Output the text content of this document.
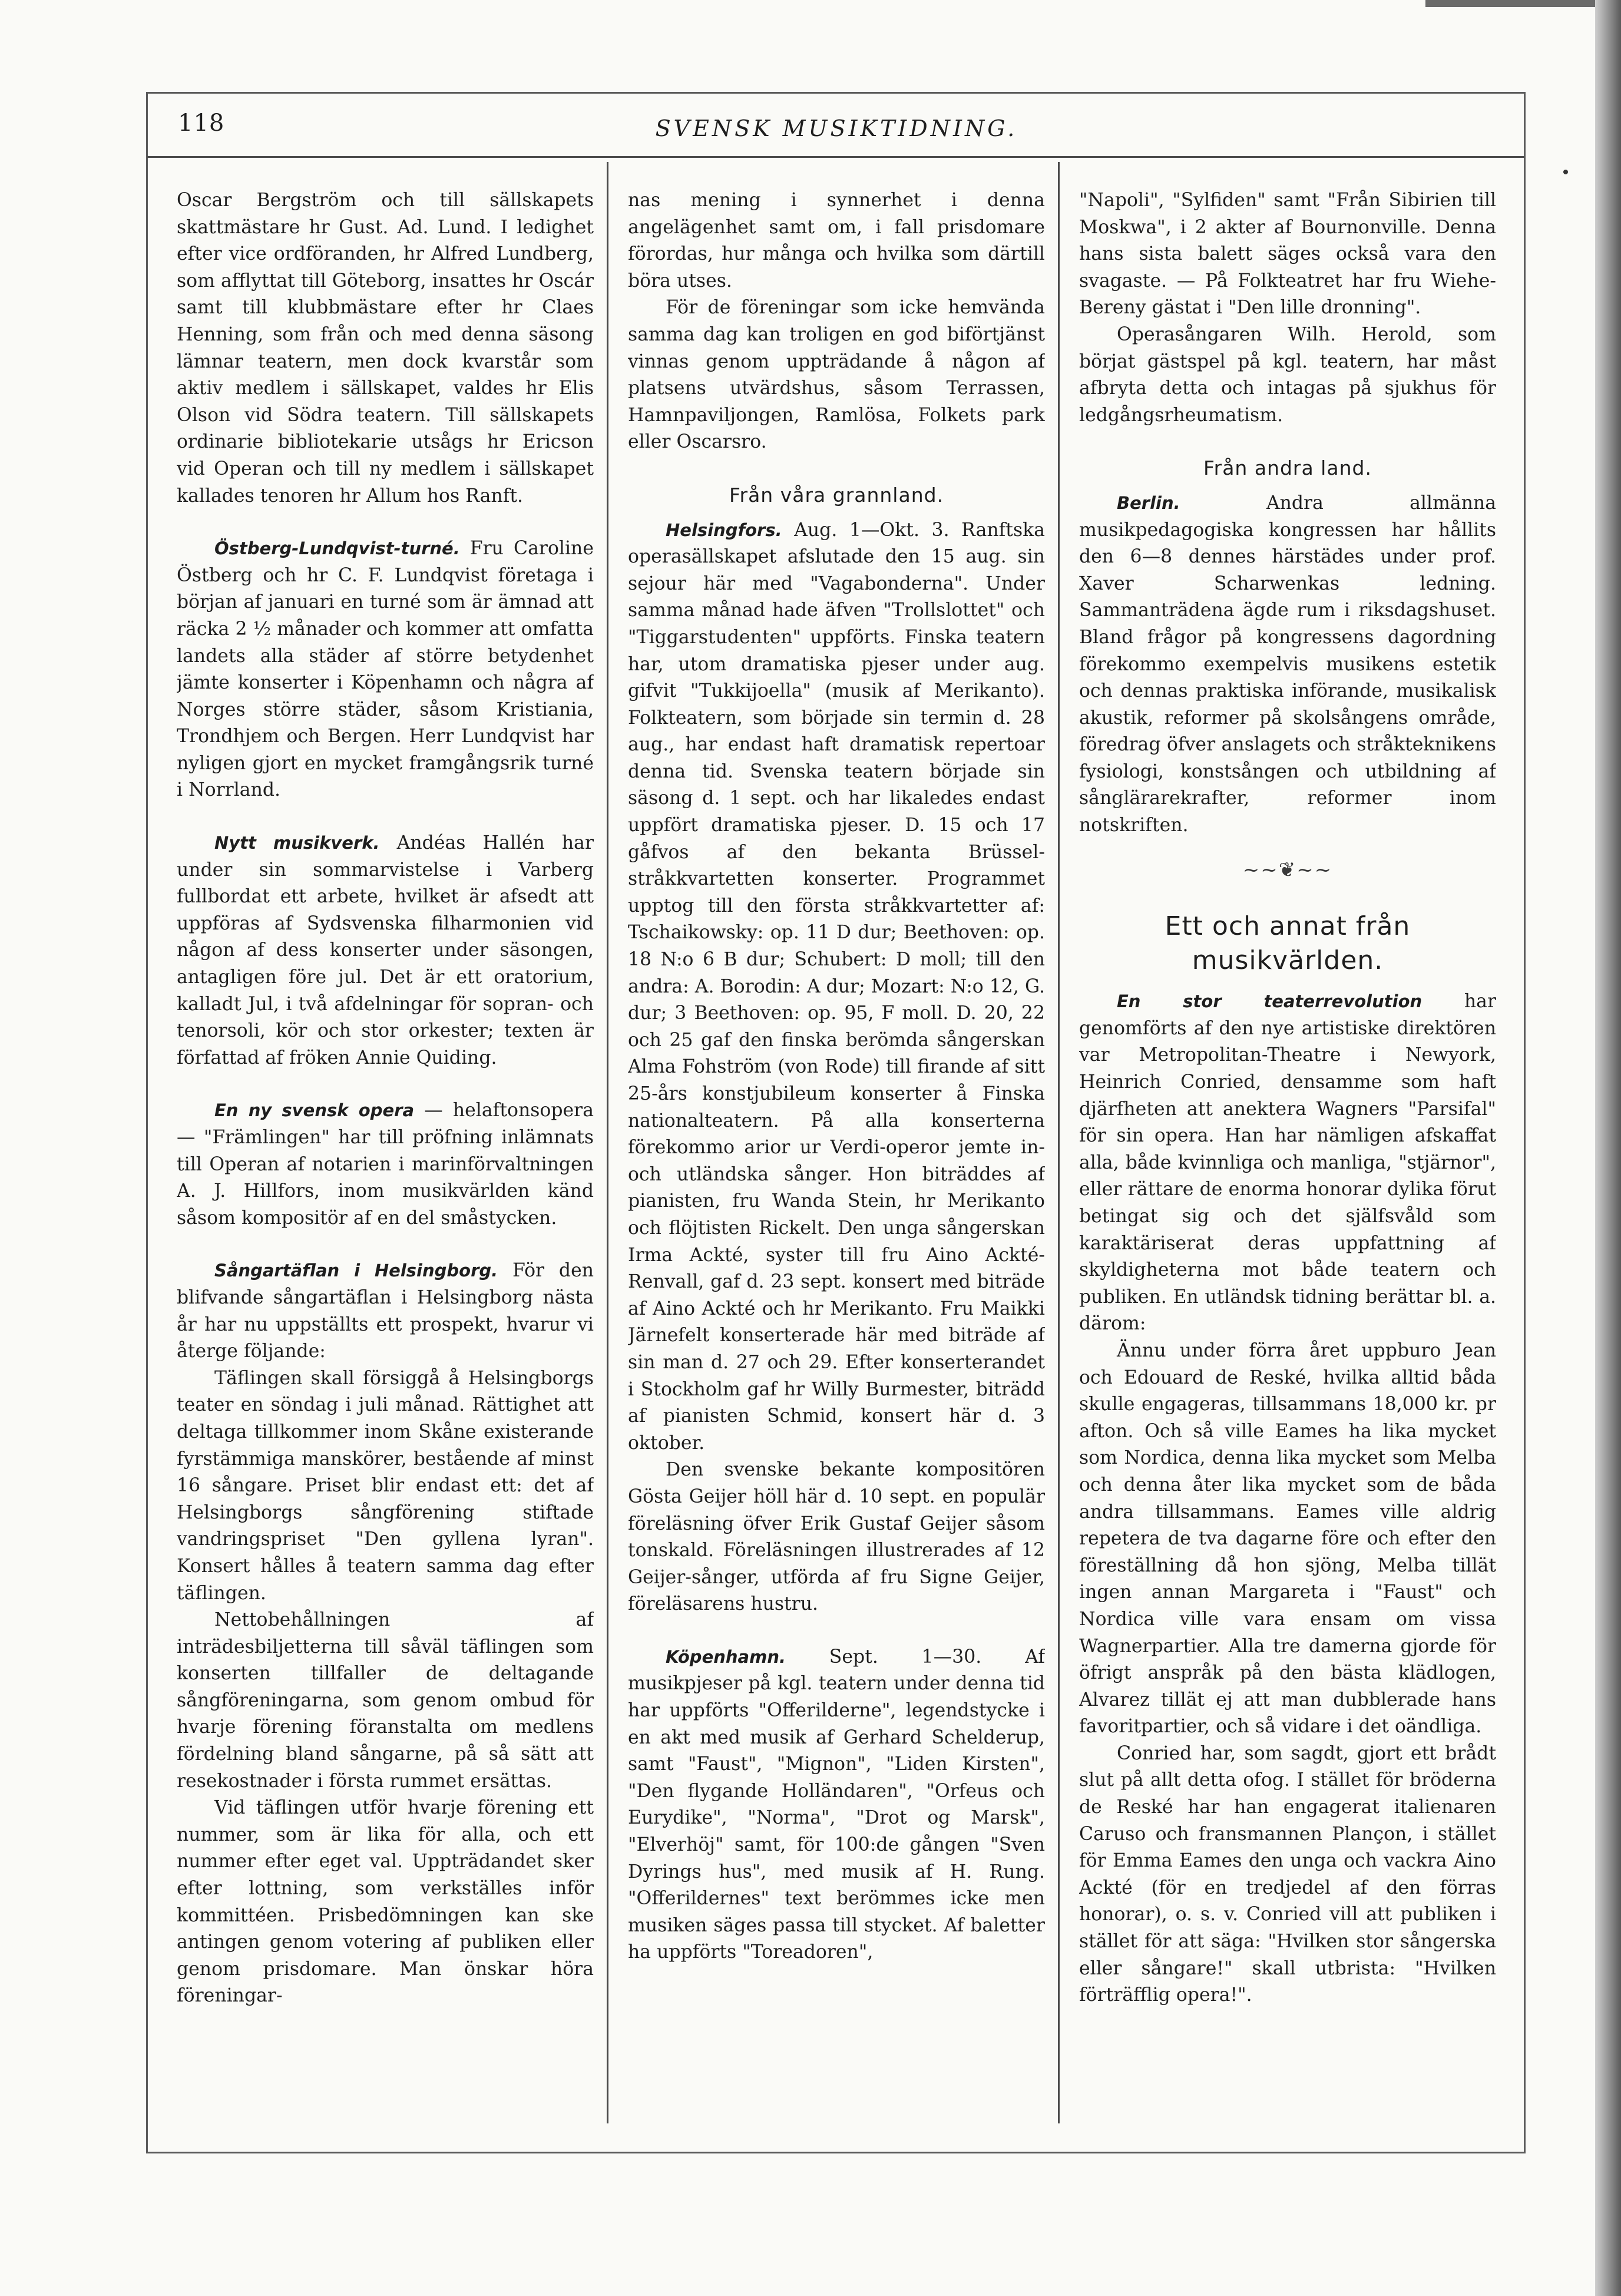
118	SVENSK MUSIKTIDNING.

Oscar Bergström och till sällskapets skattmästare hr Gust. Ad. Lund. I ledighet efter vice ordföranden, hr Alfred Lundberg, som afflyttat till Göteborg, insattes hr Oscár samt till klubbmästare efter hr Claes Henning, som från och med denna säsong lämnar teatern, men dock kvarstår som aktiv medlem i sällskapet, valdes hr Elis Olson vid Södra teatern. Till sällskapets ordinarie bibliotekarie utsågs hr Ericson vid Operan och till ny medlem i sällskapet kallades tenoren hr Allum hos Ranft.

Östberg-Lundqvist-turné. Fru Caroline Östberg och hr C. F. Lundqvist företaga i början af januari en turné som är ämnad att räcka 2 ½ månader och kommer att omfatta landets alla städer af större betydenhet jämte konserter i Köpenhamn och några af Norges större städer, såsom Kristiania, Trondhjem och Bergen. Herr Lundqvist har nyligen gjort en mycket framgångsrik turné i Norrland.

Nytt musikverk. Andéas Hallén har under sin sommarvistelse i Varberg fullbordat ett arbete, hvilket är afsedt att uppföras af Sydsvenska filharmonien vid någon af dess konserter under säsongen, antagligen före jul. Det är ett oratorium, kalladt Jul, i två afdelningar för sopran- och tenorsoli, kör och stor orkester; texten är författad af fröken Annie Quiding.

En ny svensk opera — helaftonsopera — "Främlingen" har till pröfning inlämnats till Operan af notarien i marinförvaltningen A. J. Hillfors, inom musikvärlden känd såsom kompositör af en del småstycken.

Sångartäflan i Helsingborg. För den blifvande sångartäflan i Helsingborg nästa år har nu uppställts ett prospekt, hvarur vi återge följande:

Täflingen skall försiggå å Helsingborgs teater en söndag i juli månad. Rättighet att deltaga tillkommer inom Skåne existerande fyrstämmiga manskörer, bestående af minst 16 sångare. Priset blir endast ett: det af Helsingborgs sångförening stiftade vandringspriset "Den gyllena lyran". Konsert hålles å teatern samma dag efter täflingen.

Nettobehållningen af inträdesbiljetterna till såväl täflingen som konserten tillfaller de deltagande sångföreningarna, som genom ombud för hvarje förening föranstalta om medlens fördelning bland sångarne, på så sätt att resekostnader i första rummet ersättas.

Vid täflingen utför hvarje förening ett nummer, som är lika för alla, och ett nummer efter eget val. Uppträdandet sker efter lottning, som verkställes inför kommittéen. Prisbedömningen kan ske antingen genom votering af publiken eller genom prisdomare. Man önskar höra föreningar-

nas mening i synnerhet i denna angelägenhet samt om, i fall prisdomare förordas, hur många och hvilka som därtill böra utses.

För de föreningar som icke hemvända samma dag kan troligen en god biförtjänst vinnas genom uppträdande å någon af platsens utvärdshus, såsom Terrassen, Hamnpaviljongen, Ramlösa, Folkets park eller Oscarsro.

Från våra grannland.

Helsingfors. Aug. 1—Okt. 3. Ranftska operasällskapet afslutade den 15 aug. sin sejour här med "Vagabonderna". Under samma månad hade äfven "Trollslottet" och "Tiggarstudenten" uppförts. Finska teatern har, utom dramatiska pjeser under aug. gifvit "Tukkijoella" (musik af Merikanto). Folkteatern, som började sin termin d. 28 aug., har endast haft dramatisk repertoar denna tid. Svenska teatern började sin säsong d. 1 sept. och har likaledes endast uppfört dramatiska pjeser. D. 15 och 17 gåfvos af den bekanta Brüssel-stråkkvartetten konserter. Programmet upptog till den första stråkkvartetter af: Tschaikowsky: op. 11 D dur; Beethoven: op. 18 N:o 6 B dur; Schubert: D moll; till den andra: A. Borodin: A dur; Mozart: N:o 12, G. dur; 3 Beethoven: op. 95, F moll. D. 20, 22 och 25 gaf den finska berömda sångerskan Alma Fohström (von Rode) till firande af sitt 25-års konstjubileum konserter å Finska nationalteatern. På alla konserterna förekommo arior ur Verdi-operor jemte in- och utländska sånger. Hon biträddes af pianisten, fru Wanda Stein, hr Merikanto och flöjtisten Rickelt. Den unga sångerskan Irma Ackté, syster till fru Aino Ackté-Renvall, gaf d. 23 sept. konsert med biträde af Aino Ackté och hr Merikanto. Fru Maikki Järnefelt konserterade här med biträde af sin man d. 27 och 29. Efter konserterandet i Stockholm gaf hr Willy Burmester, biträdd af pianisten Schmid, konsert här d. 3 oktober.

Den svenske bekante kompositören Gösta Geijer höll här d. 10 sept. en populär föreläsning öfver Erik Gustaf Geijer såsom tonskald. Föreläsningen illustrerades af 12 Geijer-sånger, utförda af fru Signe Geijer, föreläsarens hustru.

Köpenhamn. Sept. 1—30. Af musikpjeser på kgl. teatern under denna tid har uppförts "Offerilderne", legendstycke i en akt med musik af Gerhard Schelderup, samt "Faust", "Mignon", "Liden Kirsten", "Den flygande Holländaren", "Orfeus och Eurydike", "Norma", "Drot og Marsk", "Elverhöj" samt, för 100:de gången "Sven Dyrings hus", med musik af H. Rung. "Offerildernes" text berömmes icke men musiken säges passa till stycket. Af baletter ha uppförts "Toreadoren",

"Napoli", "Sylfiden" samt "Från Sibirien till Moskwa", i 2 akter af Bournonville. Denna hans sista balett säges också vara den svagaste. — På Folkteatret har fru Wiehe-Bereny gästat i "Den lille dronning".

Operasångaren Wilh. Herold, som börjat gästspel på kgl. teatern, har måst afbryta detta och intagas på sjukhus för ledgångsrheumatism.

Från andra land.

Berlin. Andra allmänna musikpedagogiska kongressen har hållits den 6—8 dennes härstädes under prof. Xaver Scharwenkas ledning. Sammanträdena ägde rum i riksdagshuset. Bland frågor på kongressens dagordning förekommo exempelvis musikens estetik och dennas praktiska införande, musikalisk akustik, reformer på skolsångens område, föredrag öfver anslagets och stråkteknikens fysiologi, konstsången och utbildning af sånglärarekrafter, reformer inom notskriften.

~~❦~~
Ett och annat från musikvärlden.

En stor teaterrevolution har genomförts af den nye artistiske direktören var Metropolitan-Theatre i Newyork, Heinrich Conried, densamme som haft djärfheten att anektera Wagners "Parsifal" för sin opera. Han har nämligen afskaffat alla, både kvinnliga och manliga, "stjärnor", eller rättare de enorma honorar dylika förut betingat sig och det själfsvåld som karaktäriserat deras uppfattning af skyldigheterna mot både teatern och publiken. En utländsk tidning berättar bl. a. därom:

Ännu under förra året uppburo Jean och Edouard de Reské, hvilka alltid båda skulle engageras, tillsammans 18,000 kr. pr afton. Och så ville Eames ha lika mycket som Nordica, denna lika mycket som Melba och denna åter lika mycket som de båda andra tillsammans. Eames ville aldrig repetera de tva dagarne före och efter den föreställning då hon sjöng, Melba tillät ingen annan Margareta i "Faust" och Nordica ville vara ensam om vissa Wagnerpartier. Alla tre damerna gjorde för öfrigt anspråk på den bästa klädlogen, Alvarez tillät ej att man dubblerade hans favoritpartier, och så vidare i det oändliga.

Conried har, som sagdt, gjort ett brådt slut på allt detta ofog. I stället för bröderna de Reské har han engagerat italienaren Caruso och fransmannen Plançon, i stället för Emma Eames den unga och vackra Aino Ackté (för en tredjedel af den förras honorar), o. s. v. Conried vill att publiken i stället för att säga: "Hvilken stor sångerska eller sångare!" skall utbrista: "Hvilken förträfflig opera!".
